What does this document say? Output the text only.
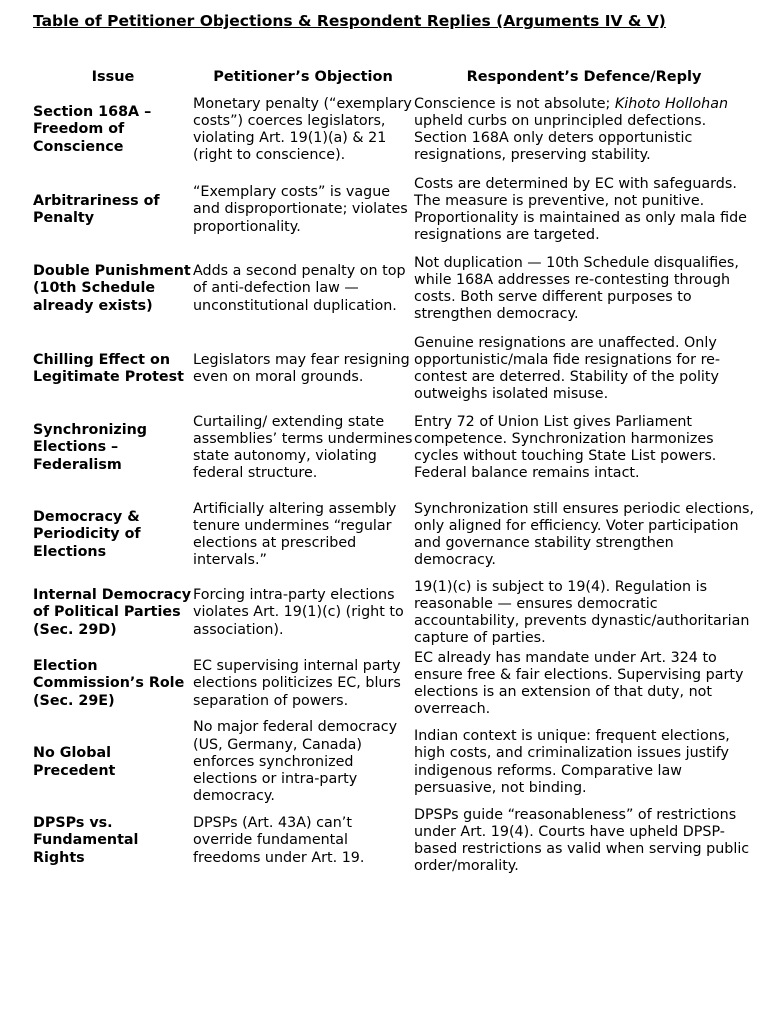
Table of Petitioner Objections & Respondent Replies (Arguments IV & V)
Issue	Petitioner’s Objection	Respondent’s Defence/Reply
Section 168A – Freedom of Conscience
Monetary penalty (“exemplary costs”) coerces legislators, violating Art. 19(1)(a) & 21 (right to conscience).
Conscience is not absolute; Kihoto Hollohan upheld curbs on unprincipled defections. Section 168A only deters opportunistic resignations, preserving stability.
Arbitrariness of Penalty
“Exemplary costs” is vague and disproportionate; violates proportionality.
Costs are determined by EC with safeguards. The measure is preventive, not punitive. Proportionality is maintained as only mala fide resignations are targeted.
Double Punishment (10th Schedule already exists)
Adds a second penalty on top of anti-defection law — unconstitutional duplication.
Not duplication — 10th Schedule disqualifies, while 168A addresses re-contesting through costs. Both serve different purposes to strengthen democracy.
Chilling Effect on Legitimate Protest
Legislators may fear resigning even on moral grounds.
Genuine resignations are unaffected. Only opportunistic/mala fide resignations for re-contest are deterred. Stability of the polity outweighs isolated misuse.
Synchronizing Elections – Federalism
Curtailing/ extending state assemblies’ terms undermines state autonomy, violating federal structure.
Entry 72 of Union List gives Parliament competence. Synchronization harmonizes cycles without touching State List powers. Federal balance remains intact.
Democracy & Periodicity of Elections
Artificially altering assembly tenure undermines “regular elections at prescribed intervals.”
Synchronization still ensures periodic elections, only aligned for efficiency. Voter participation and governance stability strengthen democracy.
Internal Democracy of Political Parties (Sec. 29D)
Forcing intra-party elections violates Art. 19(1)(c) (right to association).
19(1)(c) is subject to 19(4). Regulation is reasonable — ensures democratic accountability, prevents dynastic/authoritarian capture of parties.
Election Commission’s Role (Sec. 29E)
EC supervising internal party elections politicizes EC, blurs separation of powers.
EC already has mandate under Art. 324 to ensure free & fair elections. Supervising party elections is an extension of that duty, not overreach.
No Global Precedent
No major federal democracy (US, Germany, Canada) enforces synchronized elections or intra-party democracy.
Indian context is unique: frequent elections, high costs, and criminalization issues justify indigenous reforms. Comparative law persuasive, not binding.
DPSPs vs. Fundamental Rights
DPSPs (Art. 43A) can’t override fundamental freedoms under Art. 19.
DPSPs guide “reasonableness” of restrictions under Art. 19(4). Courts have upheld DPSP-based restrictions as valid when serving public order/morality.
